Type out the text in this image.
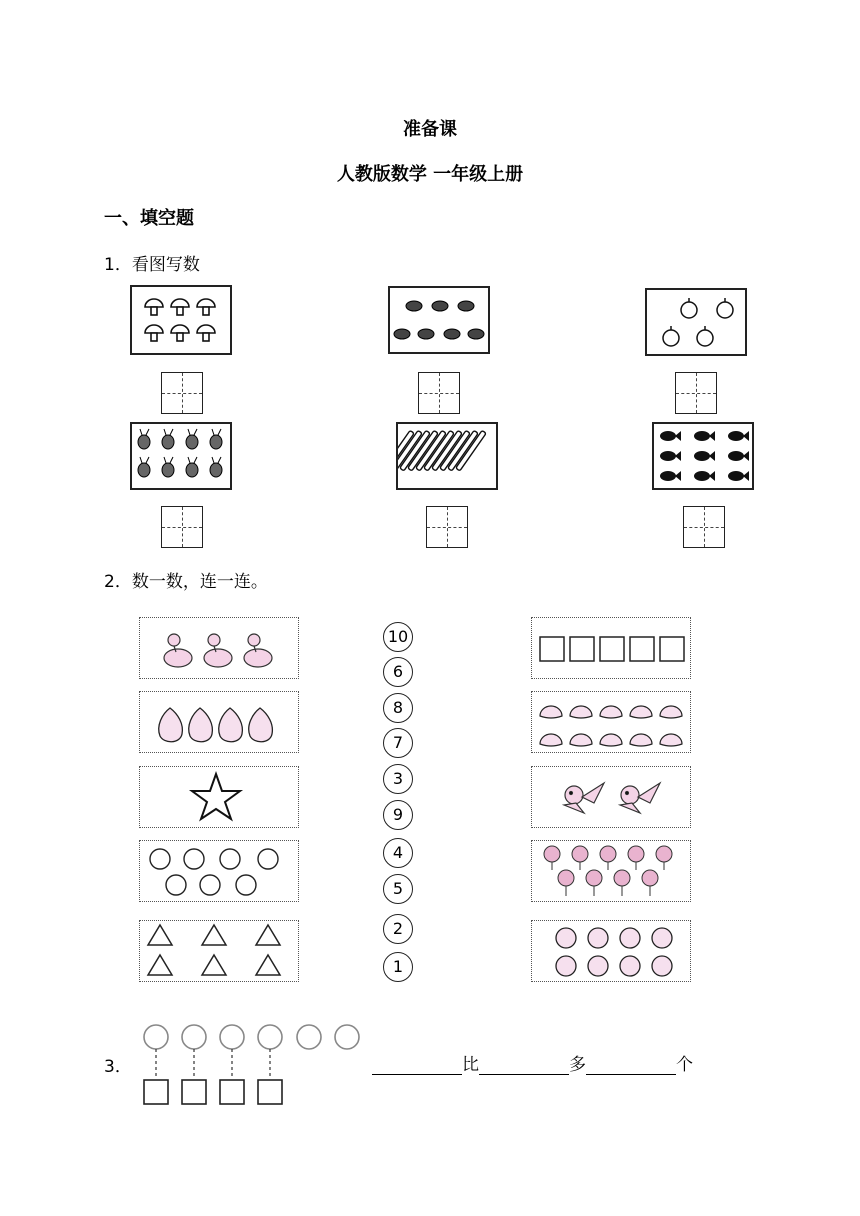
准备课
人教版数学 一年级上册
一、填空题
1．看图写数
2．数一数，连一连。
10
6
8
7
3
9
4
5
2
1
3．	比	多	个
